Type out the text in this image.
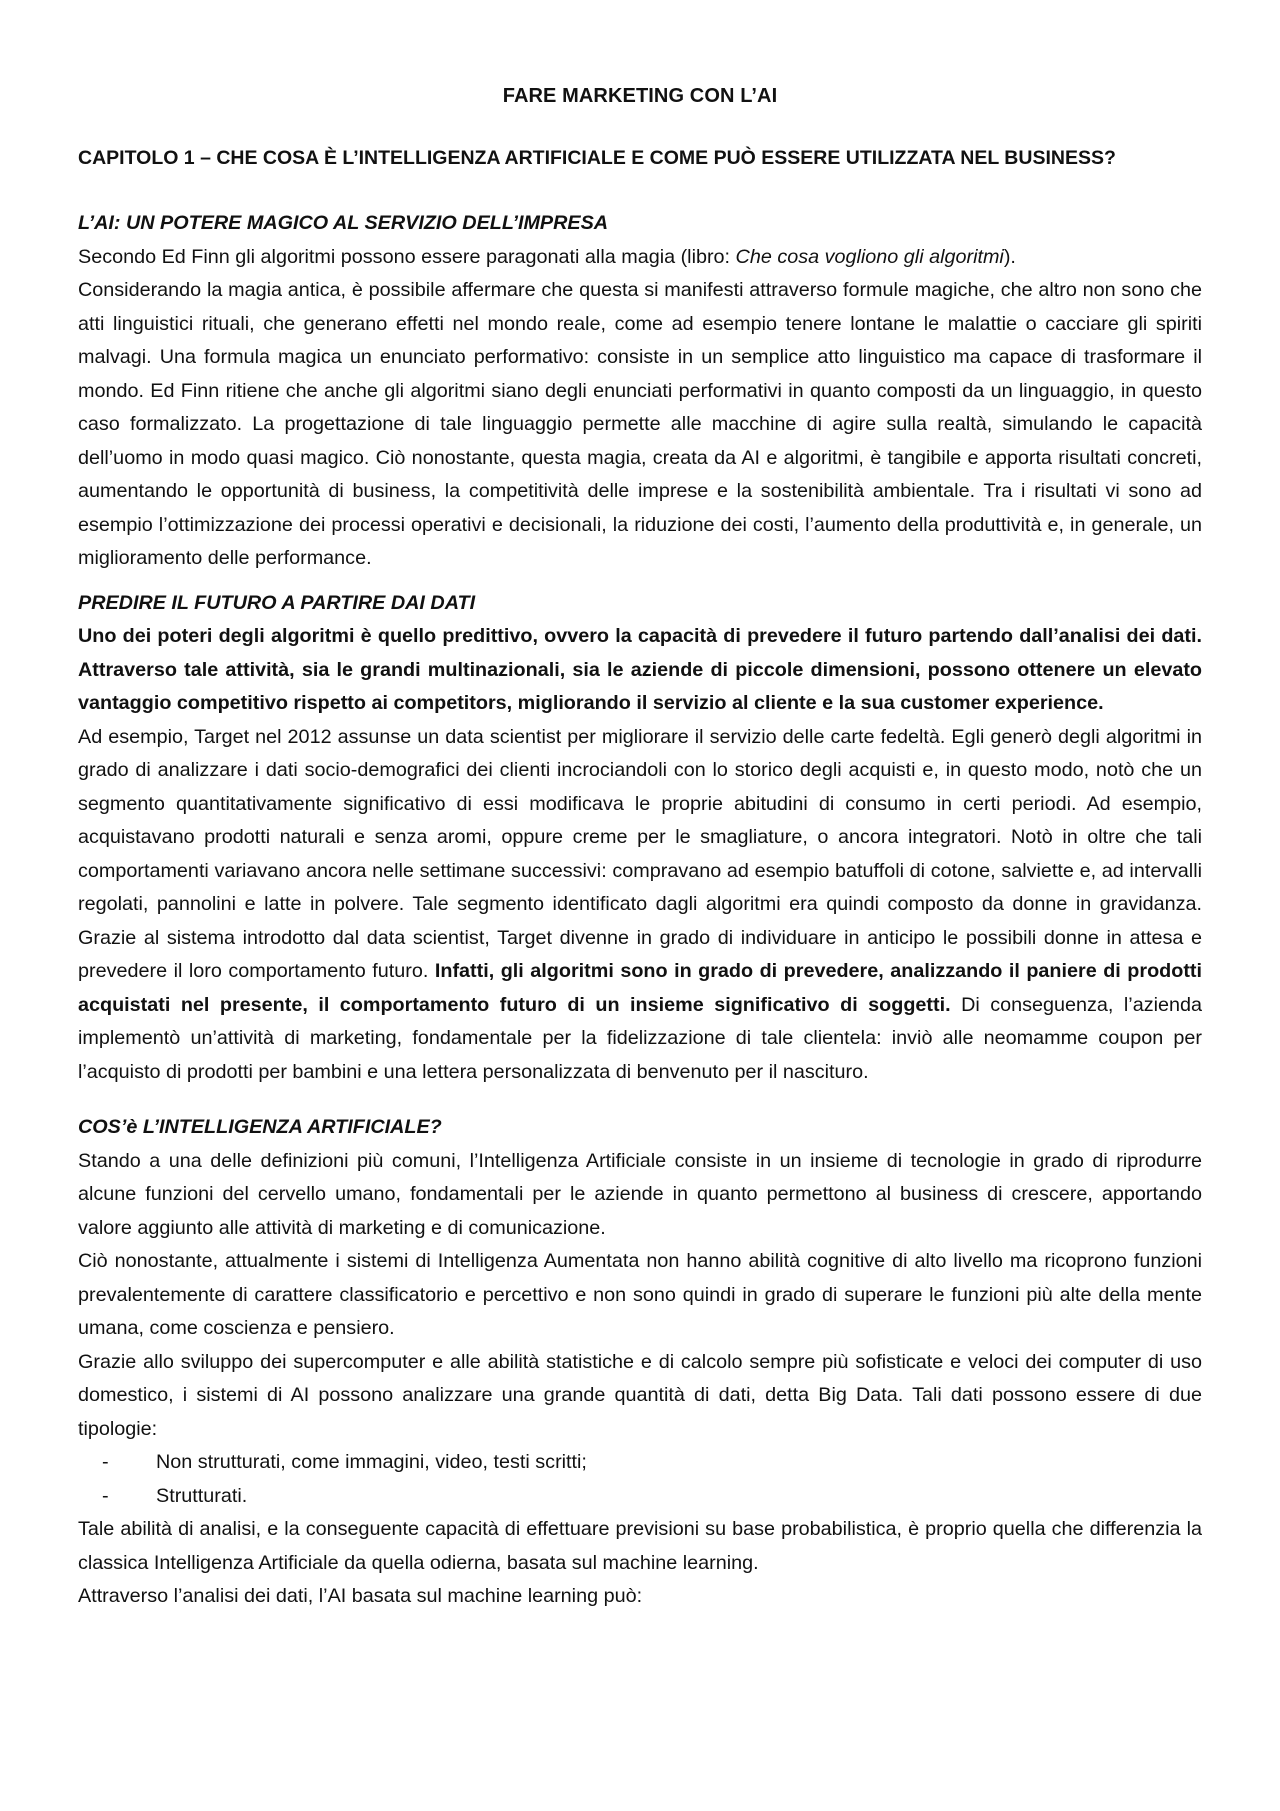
FARE MARKETING CON L’AI
CAPITOLO 1 – CHE COSA È L’INTELLIGENZA ARTIFICIALE E COME PUÒ ESSERE UTILIZZATA NEL BUSINESS?
L’AI: UN POTERE MAGICO AL SERVIZIO DELL’IMPRESA

Secondo Ed Finn gli algoritmi possono essere paragonati alla magia (libro: Che cosa vogliono gli algoritmi).

Considerando la magia antica, è possibile affermare che questa si manifesti attraverso formule magiche, che altro non sono che atti linguistici rituali, che generano effetti nel mondo reale, come ad esempio tenere lontane le malattie o cacciare gli spiriti malvagi. Una formula magica un enunciato performativo: consiste in un semplice atto linguistico ma capace di trasformare il mondo. Ed Finn ritiene che anche gli algoritmi siano degli enunciati performativi in quanto composti da un linguaggio, in questo caso formalizzato. La progettazione di tale linguaggio permette alle macchine di agire sulla realtà, simulando le capacità dell’uomo in modo quasi magico. Ciò nonostante, questa magia, creata da AI e algoritmi, è tangibile e apporta risultati concreti, aumentando le opportunità di business, la competitività delle imprese e la sostenibilità ambientale. Tra i risultati vi sono ad esempio l’ottimizzazione dei processi operativi e decisionali, la riduzione dei costi, l’aumento della produttività e, in generale, un miglioramento delle performance.

PREDIRE IL FUTURO A PARTIRE DAI DATI

Uno dei poteri degli algoritmi è quello predittivo, ovvero la capacità di prevedere il futuro partendo dall’analisi dei dati. Attraverso tale attività, sia le grandi multinazionali, sia le aziende di piccole dimensioni, possono ottenere un elevato vantaggio competitivo rispetto ai competitors, migliorando il servizio al cliente e la sua customer experience.

Ad esempio, Target nel 2012 assunse un data scientist per migliorare il servizio delle carte fedeltà. Egli generò degli algoritmi in grado di analizzare i dati socio-demografici dei clienti incrociandoli con lo storico degli acquisti e, in questo modo, notò che un segmento quantitativamente significativo di essi modificava le proprie abitudini di consumo in certi periodi. Ad esempio, acquistavano prodotti naturali e senza aromi, oppure creme per le smagliature, o ancora integratori. Notò in oltre che tali comportamenti variavano ancora nelle settimane successivi: compravano ad esempio batuffoli di cotone, salviette e, ad intervalli regolati, pannolini e latte in polvere. Tale segmento identificato dagli algoritmi era quindi composto da donne in gravidanza. Grazie al sistema introdotto dal data scientist, Target divenne in grado di individuare in anticipo le possibili donne in attesa e prevedere il loro comportamento futuro. Infatti, gli algoritmi sono in grado di prevedere, analizzando il paniere di prodotti acquistati nel presente, il comportamento futuro di un insieme significativo di soggetti. Di conseguenza, l’azienda implementò un’attività di marketing, fondamentale per la fidelizzazione di tale clientela: inviò alle neomamme coupon per l’acquisto di prodotti per bambini e una lettera personalizzata di benvenuto per il nascituro.

COS’è L’INTELLIGENZA ARTIFICIALE?

Stando a una delle definizioni più comuni, l’Intelligenza Artificiale consiste in un insieme di tecnologie in grado di riprodurre alcune funzioni del cervello umano, fondamentali per le aziende in quanto permettono al business di crescere, apportando valore aggiunto alle attività di marketing e di comunicazione.

Ciò nonostante, attualmente i sistemi di Intelligenza Aumentata non hanno abilità cognitive di alto livello ma ricoprono funzioni prevalentemente di carattere classificatorio e percettivo e non sono quindi in grado di superare le funzioni più alte della mente umana, come coscienza e pensiero.

Grazie allo sviluppo dei supercomputer e alle abilità statistiche e di calcolo sempre più sofisticate e veloci dei computer di uso domestico, i sistemi di AI possono analizzare una grande quantità di dati, detta Big Data. Tali dati possono essere di due tipologie:

- Non strutturati, come immagini, video, testi scritti;
- Strutturati.

Tale abilità di analisi, e la conseguente capacità di effettuare previsioni su base probabilistica, è proprio quella che differenzia la classica Intelligenza Artificiale da quella odierna, basata sul machine learning.

Attraverso l’analisi dei dati, l’AI basata sul machine learning può:
